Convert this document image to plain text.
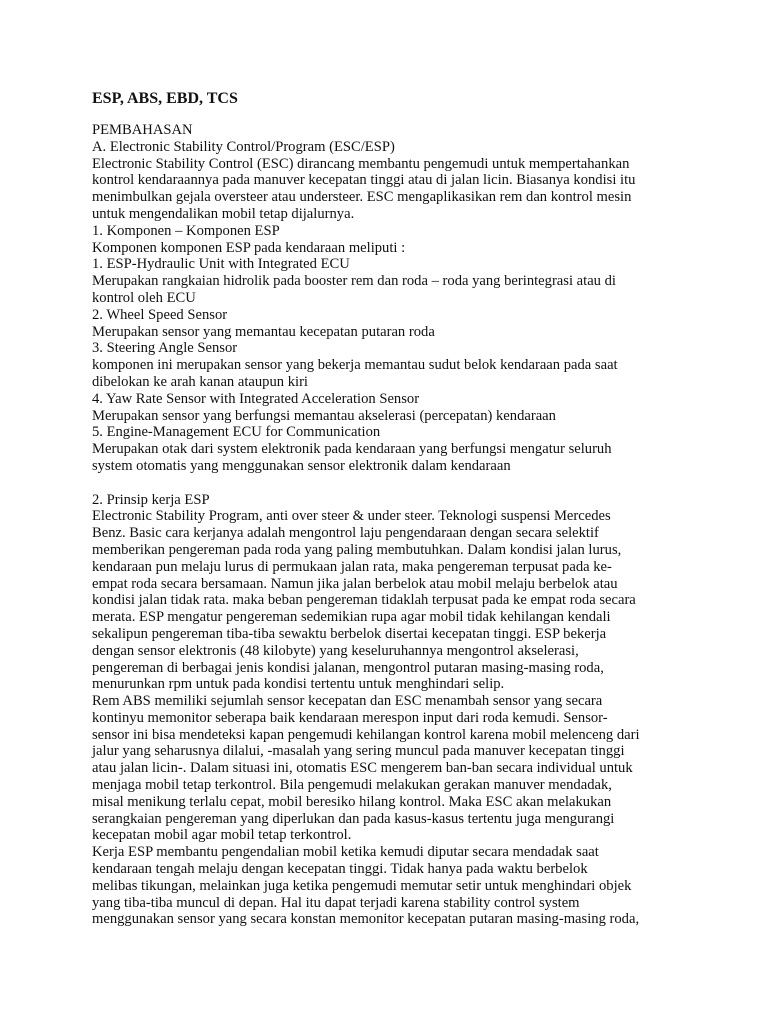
ESP, ABS, EBD, TCS
PEMBAHASAN
A. Electronic Stability Control/Program (ESC/ESP)
Electronic Stability Control (ESC) dirancang membantu pengemudi untuk mempertahankan
kontrol kendaraannya pada manuver kecepatan tinggi atau di jalan licin. Biasanya kondisi itu
menimbulkan gejala oversteer atau understeer. ESC mengaplikasikan rem dan kontrol mesin
untuk mengendalikan mobil tetap dijalurnya.
1. Komponen – Komponen ESP
Komponen komponen ESP pada kendaraan meliputi :
1. ESP-Hydraulic Unit with Integrated ECU
Merupakan rangkaian hidrolik pada booster rem dan roda – roda yang berintegrasi atau di
kontrol oleh ECU
2. Wheel Speed Sensor
Merupakan sensor yang memantau kecepatan putaran roda
3. Steering Angle Sensor
komponen ini merupakan sensor yang bekerja memantau sudut belok kendaraan pada saat
dibelokan ke arah kanan ataupun kiri
4. Yaw Rate Sensor with Integrated Acceleration Sensor
Merupakan sensor yang berfungsi memantau akselerasi (percepatan) kendaraan
5. Engine-Management ECU for Communication
Merupakan otak dari system elektronik pada kendaraan yang berfungsi mengatur seluruh
system otomatis yang menggunakan sensor elektronik dalam kendaraan
2. Prinsip kerja ESP
Electronic Stability Program, anti over steer & under steer. Teknologi suspensi Mercedes
Benz. Basic cara kerjanya adalah mengontrol laju pengendaraan dengan secara selektif
memberikan pengereman pada roda yang paling membutuhkan. Dalam kondisi jalan lurus,
kendaraan pun melaju lurus di permukaan jalan rata, maka pengereman terpusat pada ke-
empat roda secara bersamaan. Namun jika jalan berbelok atau mobil melaju berbelok atau
kondisi jalan tidak rata. maka beban pengereman tidaklah terpusat pada ke empat roda secara
merata. ESP mengatur pengereman sedemikian rupa agar mobil tidak kehilangan kendali
sekalipun pengereman tiba-tiba sewaktu berbelok disertai kecepatan tinggi. ESP bekerja
dengan sensor elektronis (48 kilobyte) yang keseluruhannya mengontrol akselerasi,
pengereman di berbagai jenis kondisi jalanan, mengontrol putaran masing-masing roda,
menurunkan rpm untuk pada kondisi tertentu untuk menghindari selip.
Rem ABS memiliki sejumlah sensor kecepatan dan ESC menambah sensor yang secara
kontinyu memonitor seberapa baik kendaraan merespon input dari roda kemudi. Sensor-
sensor ini bisa mendeteksi kapan pengemudi kehilangan kontrol karena mobil melenceng dari
jalur yang seharusnya dilalui, -masalah yang sering muncul pada manuver kecepatan tinggi
atau jalan licin-. Dalam situasi ini, otomatis ESC mengerem ban-ban secara individual untuk
menjaga mobil tetap terkontrol. Bila pengemudi melakukan gerakan manuver mendadak,
misal menikung terlalu cepat, mobil beresiko hilang kontrol. Maka ESC akan melakukan
serangkaian pengereman yang diperlukan dan pada kasus-kasus tertentu juga mengurangi
kecepatan mobil agar mobil tetap terkontrol.
Kerja ESP membantu pengendalian mobil ketika kemudi diputar secara mendadak saat
kendaraan tengah melaju dengan kecepatan tinggi. Tidak hanya pada waktu berbelok
melibas tikungan, melainkan juga ketika pengemudi memutar setir untuk menghindari objek
yang tiba-tiba muncul di depan. Hal itu dapat terjadi karena stability control system
menggunakan sensor yang secara konstan memonitor kecepatan putaran masing-masing roda,
